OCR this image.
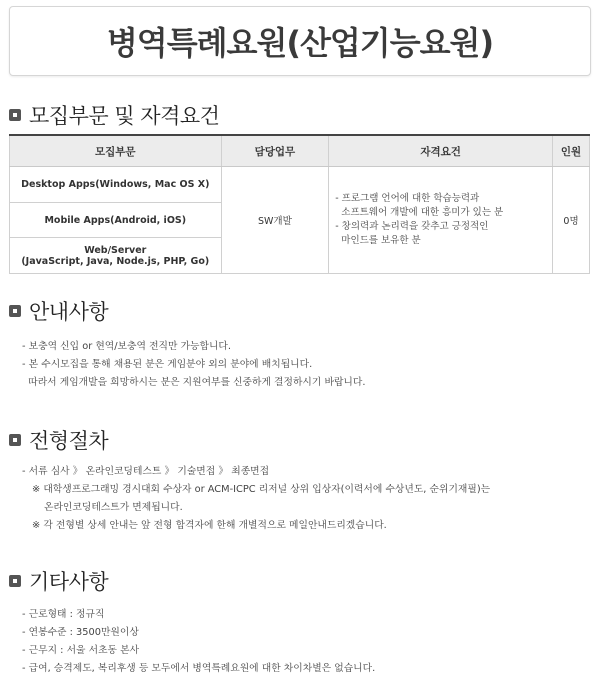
병역특례요원(산업기능요원)
모집부문 및 자격요건
모집부문	담당업무	자격요건	인원
Desktop Apps(Windows, Mac OS X)	SW개발	- 프로그램 언어에 대한 학습능력과
소프트웨어 개발에 대한 흥미가 있는 분
- 창의력과 논리력을 갖추고 긍정적인
마인드를 보유한 분	0명
Mobile Apps(Android, iOS)			

Web/Server
(JavaScript, Java, Node.js, PHP, Go)			
안내사항
- 보충역 신입 or 현역/보충역 전직만 가능합니다.
- 본 수시모집을 통해 채용된 분은 게임분야 외의 분야에 배치됩니다.
따라서 게임개발을 희망하시는 분은 지원여부를 신중하게 결정하시기 바랍니다.
전형절차
- 서류 심사 》 온라인코딩테스트 》 기술면접 》 최종면접
※ 대학생프로그래밍 경시대회 수상자 or ACM-ICPC 리저널 상위 입상자(이력서에 수상년도, 순위기재필)는
온라인코딩테스트가 면제됩니다.
※ 각 전형별 상세 안내는 앞 전형 합격자에 한해 개별적으로 메일안내드리겠습니다.
기타사항
- 근로형태 : 정규직
- 연봉수준 : 3500만원이상
- 근무지 : 서울 서초동 본사
- 급여, 승격제도, 복리후생 등 모두에서 병역특례요원에 대한 차이차별은 없습니다.
